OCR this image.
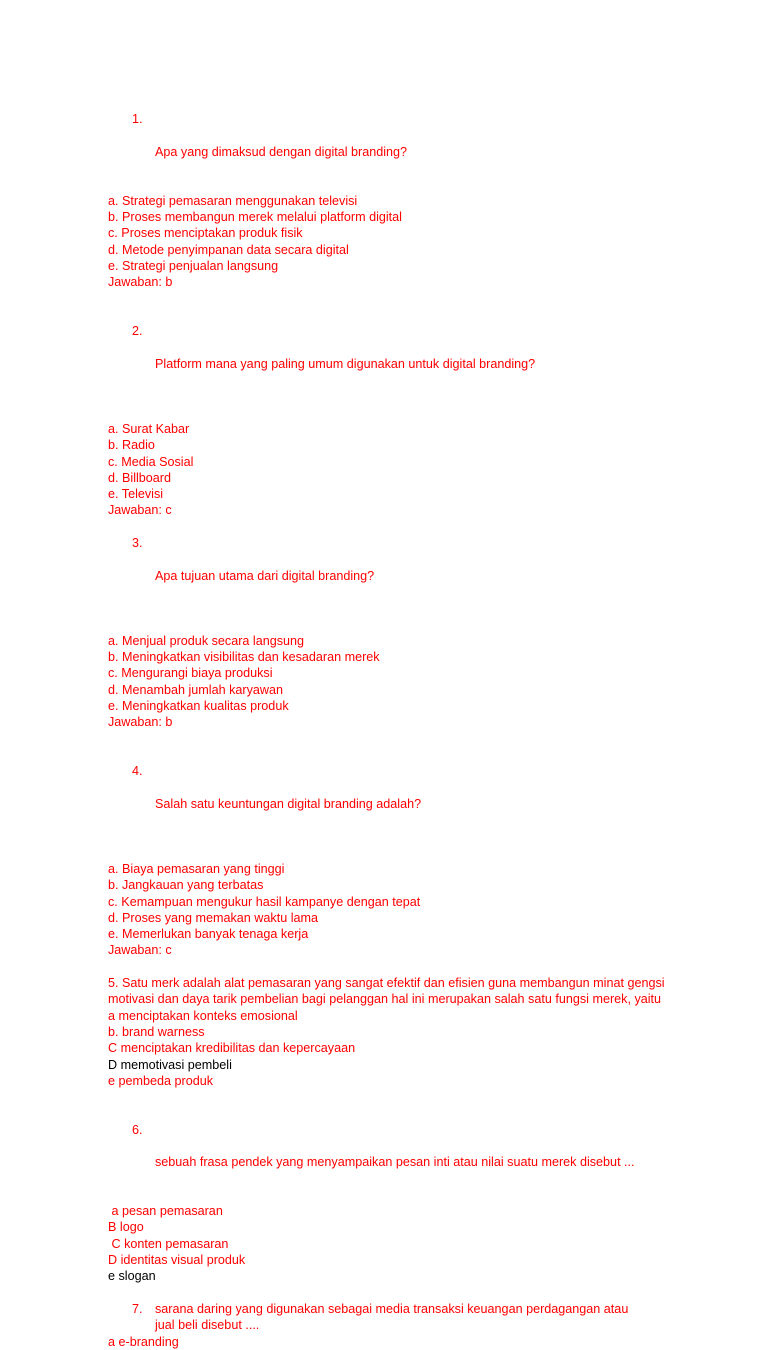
1.

Apa yang dimaksud dengan digital branding?

a. Strategi pemasaran menggunakan televisi
b. Proses membangun merek melalui platform digital
c. Proses menciptakan produk fisik
d. Metode penyimpanan data secara digital
e. Strategi penjualan langsung
Jawaban: b

2.

Platform mana yang paling umum digunakan untuk digital branding?

a. Surat Kabar
b. Radio
c. Media Sosial
d. Billboard
e. Televisi
Jawaban: c

3.

Apa tujuan utama dari digital branding?

a. Menjual produk secara langsung
b. Meningkatkan visibilitas dan kesadaran merek
c. Mengurangi biaya produksi
d. Menambah jumlah karyawan
e. Meningkatkan kualitas produk
Jawaban: b

4.

Salah satu keuntungan digital branding adalah?

a. Biaya pemasaran yang tinggi
b. Jangkauan yang terbatas
c. Kemampuan mengukur hasil kampanye dengan tepat
d. Proses yang memakan waktu lama
e. Memerlukan banyak tenaga kerja
Jawaban: c
5. Satu merk adalah alat pemasaran yang sangat efektif dan efisien guna membangun minat gengsi motivasi dan daya tarik pembelian bagi pelanggan hal ini merupakan salah satu fungsi merek, yaitu
a menciptakan konteks emosional
b. brand warness
C menciptakan kredibilitas dan kepercayaan
D memotivasi pembeli
e pembeda produk

6.

sebuah frasa pendek yang menyampaikan pesan inti atau nilai suatu merek disebut ...

a pesan pemasaran
B logo
C konten pemasaran
D identitas visual produk
e slogan
7. sarana daring yang digunakan sebagai media transaksi keuangan perdagangan atau jual beli disebut ....
a e-branding
